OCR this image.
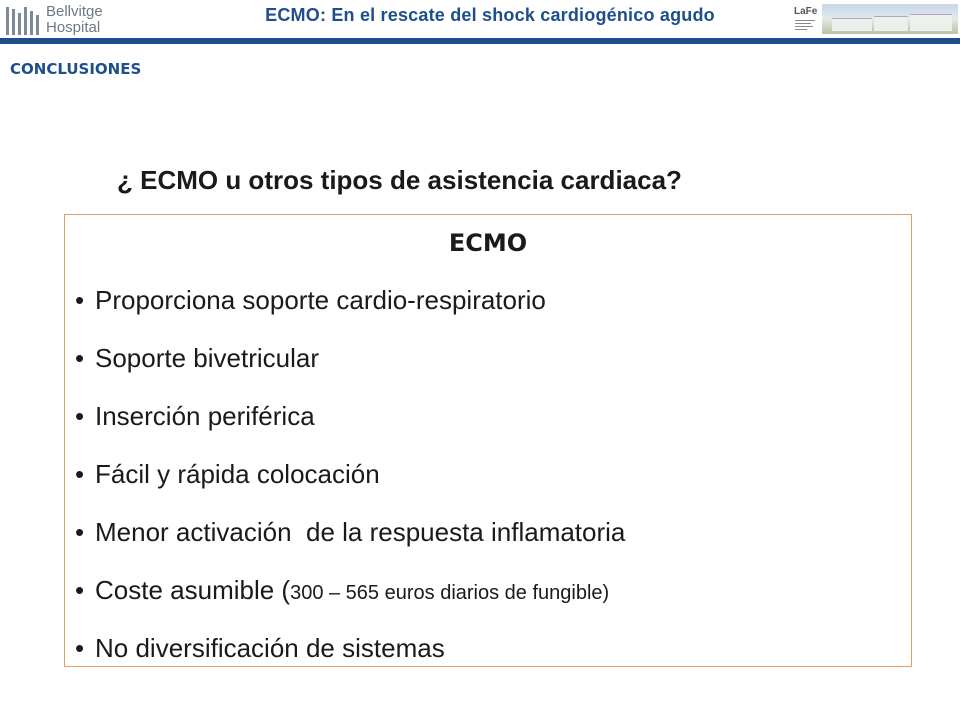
Bellvitge
Hospital
ECMO: En el rescate del shock cardiogénico agudo	LaFe
CONCLUSIONES
¿ ECMO u otros tipos de asistencia cardiaca?
ECMO
• Proporciona soporte cardio-respiratorio
• Soporte bivetricular
• Inserción periférica
• Fácil y rápida colocación
• Menor activación  de la respuesta inflamatoria
• Coste asumible (300 – 565 euros diarios de fungible)
• No diversificación de sistemas
